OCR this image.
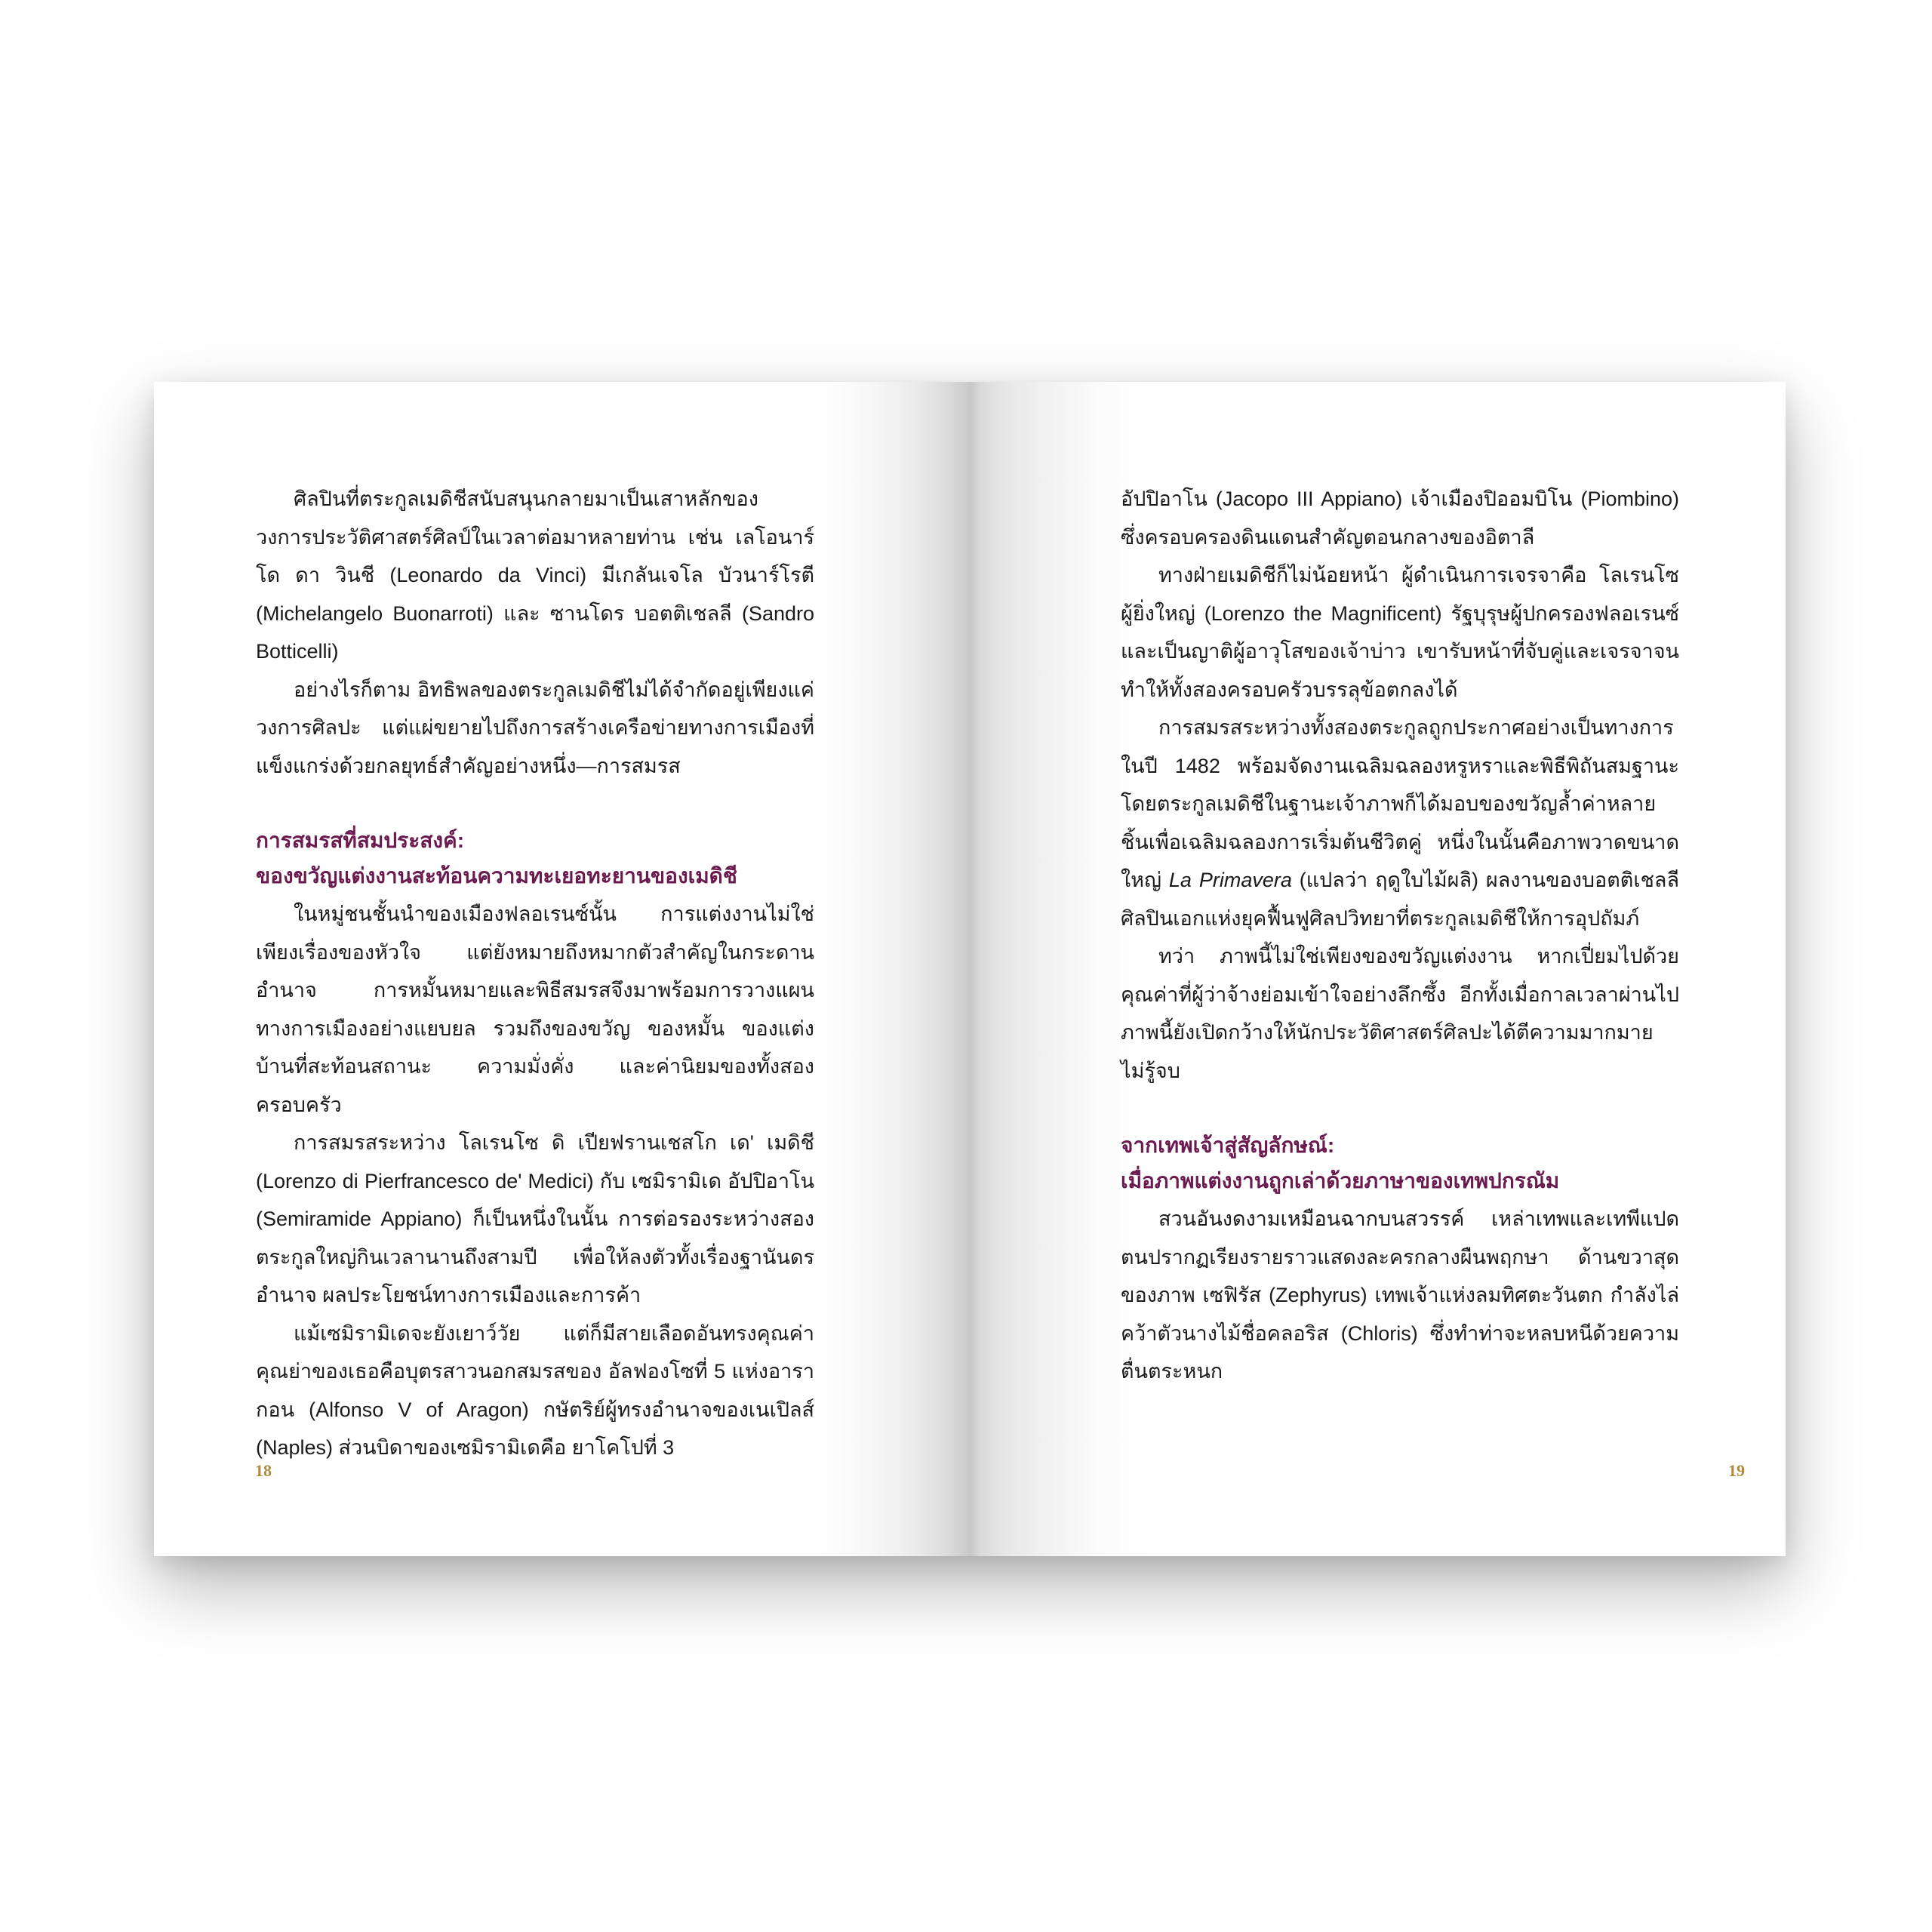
ศิลปินที่ตระกูลเมดิชีสนับสนุนกลายมาเป็นเสาหลักของวงการประวัติศาสตร์ศิลป์ในเวลาต่อมาหลายท่าน เช่น เลโอนาร์โด ดา วินชี (Leonardo da Vinci) มีเกลันเจโล บัวนาร์โรตี (Michelangelo Buonarroti) และ ซานโดร บอตติเชลลี (Sandro Botticelli)

อย่างไรก็ตาม อิทธิพลของตระกูลเมดิชีไม่ได้จำกัดอยู่เพียงแค่วงการศิลปะ แต่แผ่ขยายไปถึงการสร้างเครือข่ายทางการเมืองที่แข็งแกร่งด้วยกลยุทธ์สำคัญอย่างหนึ่ง—การสมรส

การสมรสที่สมประสงค์:
ของขวัญแต่งงานสะท้อนความทะเยอทะยานของเมดิชี

ในหมู่ชนชั้นนำของเมืองฟลอเรนซ์นั้น การแต่งงานไม่ใช่เพียงเรื่องของหัวใจ แต่ยังหมายถึงหมากตัวสำคัญในกระดานอำนาจ การหมั้นหมายและพิธีสมรสจึงมาพร้อมการวางแผนทางการเมืองอย่างแยบยล รวมถึงของขวัญ ของหมั้น ของแต่งบ้านที่สะท้อนสถานะ ความมั่งคั่ง และค่านิยมของทั้งสองครอบครัว

การสมรสระหว่าง โลเรนโซ ดิ เปียฟรานเชสโก เด' เมดิชี (Lorenzo di Pierfrancesco de' Medici) กับ เซมิรามิเด อัปปิอาโน (Semiramide Appiano) ก็เป็นหนึ่งในนั้น การต่อรองระหว่างสองตระกูลใหญ่กินเวลานานถึงสามปี เพื่อให้ลงตัวทั้งเรื่องฐานันดร อำนาจ ผลประโยชน์ทางการเมืองและการค้า

แม้เซมิรามิเดจะยังเยาว์วัย แต่ก็มีสายเลือดอันทรงคุณค่า คุณย่าของเธอคือบุตรสาวนอกสมรสของ อัลฟองโซที่ 5 แห่งอารากอน (Alfonso V of Aragon) กษัตริย์ผู้ทรงอำนาจของเนเปิลส์ (Naples) ส่วนบิดาของเซมิรามิเดคือ ยาโคโปที่ 3

18

อัปปิอาโน (Jacopo III Appiano) เจ้าเมืองปิออมบิโน (Piombino) ซึ่งครอบครองดินแดนสำคัญตอนกลางของอิตาลี

ทางฝ่ายเมดิชีก็ไม่น้อยหน้า ผู้ดำเนินการเจรจาคือ โลเรนโซ ผู้ยิ่งใหญ่ (Lorenzo the Magnificent) รัฐบุรุษผู้ปกครองฟลอเรนซ์และเป็นญาติผู้อาวุโสของเจ้าบ่าว เขารับหน้าที่จับคู่และเจรจาจนทำให้ทั้งสองครอบครัวบรรลุข้อตกลงได้

การสมรสระหว่างทั้งสองตระกูลถูกประกาศอย่างเป็นทางการในปี 1482 พร้อมจัดงานเฉลิมฉลองหรูหราและพิธีพิถันสมฐานะ โดยตระกูลเมดิชีในฐานะเจ้าภาพก็ได้มอบของขวัญล้ำค่าหลายชิ้นเพื่อเฉลิมฉลองการเริ่มต้นชีวิตคู่ หนึ่งในนั้นคือภาพวาดขนาดใหญ่ La Primavera (แปลว่า ฤดูใบไม้ผลิ) ผลงานของบอตติเชลลี ศิลปินเอกแห่งยุคฟื้นฟูศิลปวิทยาที่ตระกูลเมดิชีให้การอุปถัมภ์

ทว่า ภาพนี้ไม่ใช่เพียงของขวัญแต่งงาน หากเปี่ยมไปด้วยคุณค่าที่ผู้ว่าจ้างย่อมเข้าใจอย่างลึกซึ้ง อีกทั้งเมื่อกาลเวลาผ่านไป ภาพนี้ยังเปิดกว้างให้นักประวัติศาสตร์ศิลปะได้ตีความมากมายไม่รู้จบ

จากเทพเจ้าสู่สัญลักษณ์:
เมื่อภาพแต่งงานถูกเล่าด้วยภาษาของเทพปกรณัม

สวนอันงดงามเหมือนฉากบนสวรรค์ เหล่าเทพและเทพีแปดตนปรากฏเรียงรายราวแสดงละครกลางผืนพฤกษา ด้านขวาสุดของภาพ เซฟิรัส (Zephyrus) เทพเจ้าแห่งลมทิศตะวันตก กำลังไล่คว้าตัวนางไม้ชื่อคลอริส (Chloris) ซึ่งทำท่าจะหลบหนีด้วยความตื่นตระหนก

19
